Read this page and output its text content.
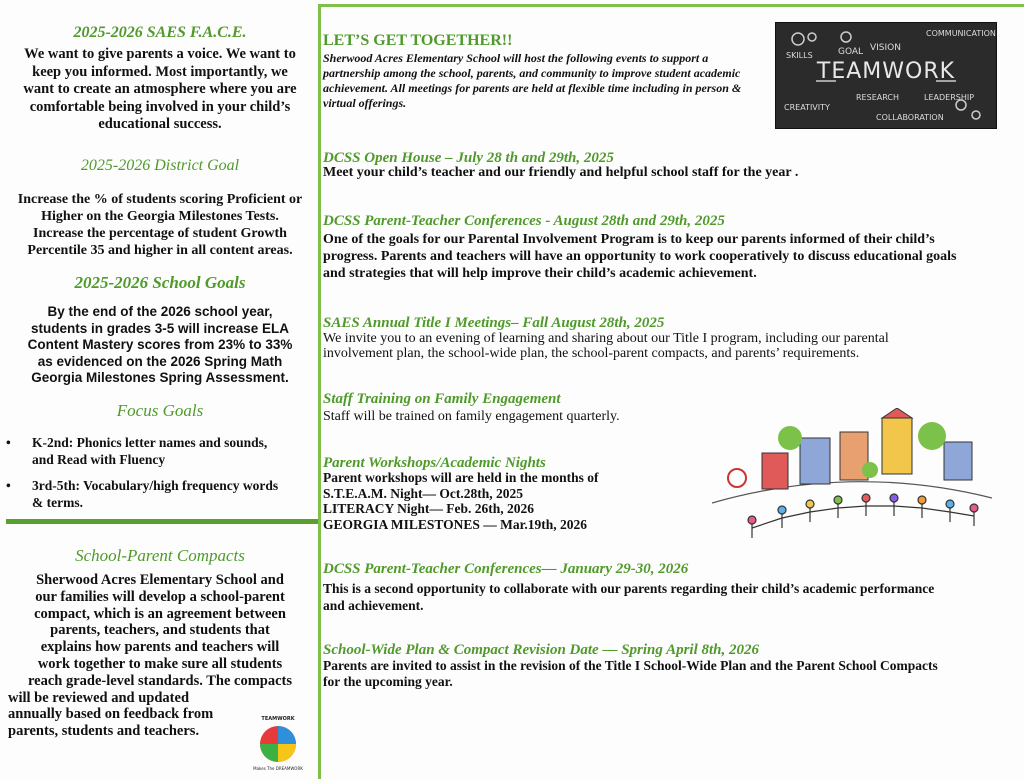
2025-2026 SAES F.A.C.E.
We want to give parents a voice. We want to
keep you informed. Most importantly, we
want to create an atmosphere where you are
comfortable being involved in your child’s
educational success.
2025-2026 District Goal
Increase the % of students scoring Proficient or
Higher on the Georgia Milestones Tests.
Increase the percentage of student Growth
Percentile 35 and higher in all content areas.
2025-2026 School Goals
By the end of the 2026 school year,
students in grades 3-5 will increase ELA
Content Mastery scores from 23% to 33%
as evidenced on the 2026 Spring Math
Georgia Milestones Spring Assessment.
Focus Goals
• K-2nd: Phonics letter names and sounds,
and Read with Fluency
• 3rd-5th: Vocabulary/high frequency words
& terms.
School-Parent Compacts
Sherwood Acres Elementary School and
our families will develop a school-parent
compact, which is an agreement between
parents, teachers, and students that
explains how parents and teachers will
work together to make sure all students
reach grade-level standards. The compacts
will be reviewed and updated
annually based on feedback from
parents, students and teachers.
TEAMWORK
Makes The DREAMWORK
LET’S GET TOGETHER!!
Sherwood Acres Elementary School will host the following events to support a
partnership among the school, parents, and community to improve student academic
achievement. All meetings for parents are held at flexible time including in person &
virtual offerings.
TEAMWORK
COMMUNICATION
GOAL VISION
SKILLS
CREATIVITY
RESEARCH	LEADERSHIP
COLLABORATION
DCSS Open House – July 28 th and 29th, 2025
Meet your child’s teacher and our friendly and helpful school staff for the year .
DCSS Parent-Teacher Conferences - August 28th and 29th, 2025
One of the goals for our Parental Involvement Program is to keep our parents informed of their child’s
progress. Parents and teachers will have an opportunity to work cooperatively to discuss educational goals
and strategies that will help improve their child’s academic achievement.
SAES Annual Title I Meetings– Fall August 28th, 2025
We invite you to an evening of learning and sharing about our Title I program, including our parental
involvement plan, the school-wide plan, the school-parent compacts, and parents’ requirements.
Staff Training on Family Engagement
Staff will be trained on family engagement quarterly.
Parent Workshops/Academic Nights
Parent workshops will are held in the months of
S.T.E.A.M. Night— Oct.28th, 2025
LITERACY Night— Feb. 26th, 2026
GEORGIA MILESTONES — Mar.19th, 2026
DCSS Parent-Teacher Conferences— January 29-30, 2026
This is a second opportunity to collaborate with our parents regarding their child’s academic performance
and achievement.
School-Wide Plan & Compact Revision Date — Spring April 8th, 2026
Parents are invited to assist in the revision of the Title I School-Wide Plan and the Parent School Compacts
for the upcoming year.
